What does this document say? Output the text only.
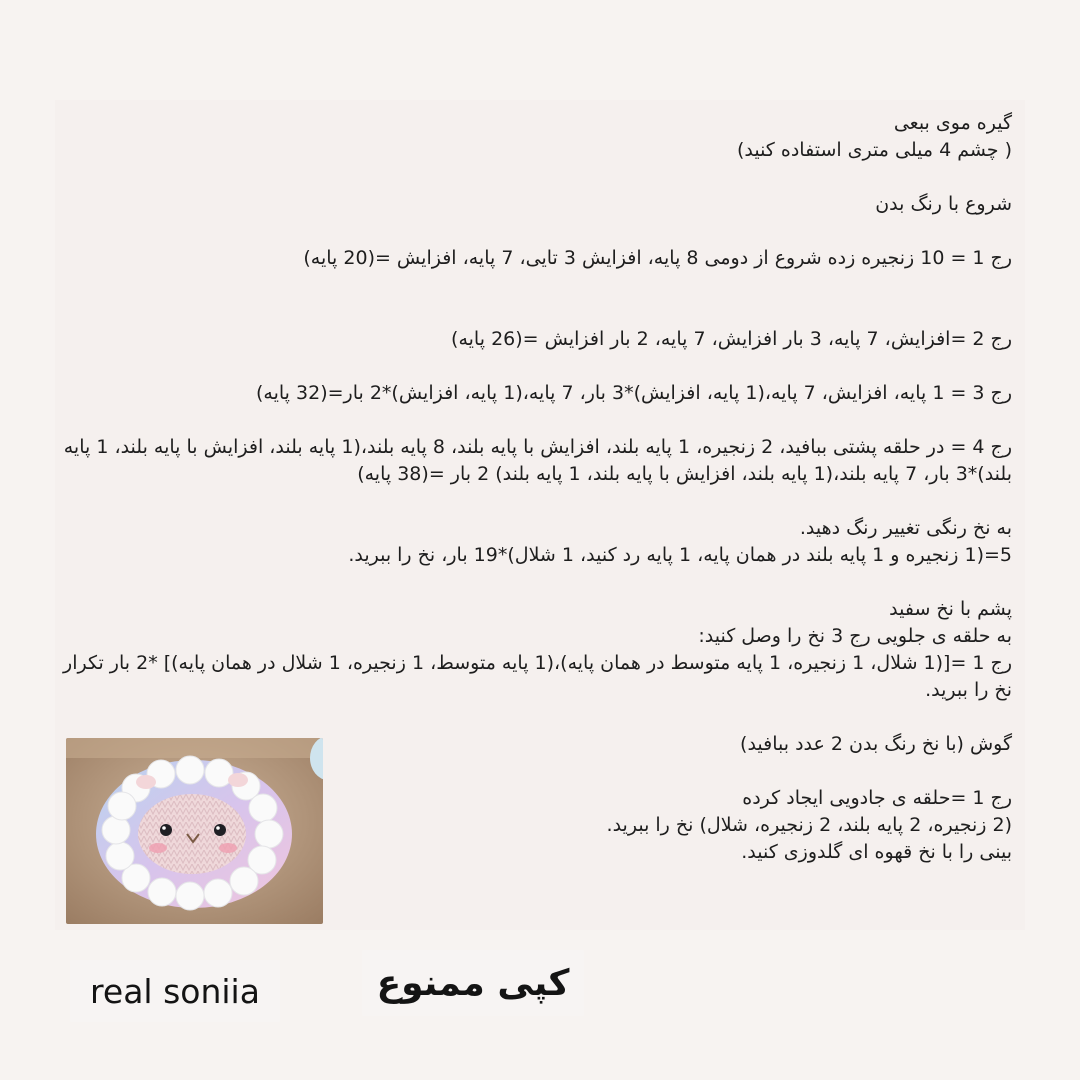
گیره موی ببعی

( چشم 4 میلی متری استفاده کنید)

شروع با رنگ بدن

رج 1 = 10 زنجیره زده شروع از دومی 8 پایه، افزایش 3 تایی، 7 پایه، افزایش =(20 پایه)

رج 2 =افزایش، 7 پایه، 3 بار افزایش، 7 پایه، 2 بار افزایش =(26 پایه)

رج 3 = 1 پایه، افزایش، 7 پایه،(1 پایه، افزایش)*3 بار، 7 پایه،(1 پایه، افزایش)*2 بار=(32 پایه)

رج 4 = در حلقه پشتی ببافید، 2 زنجیره، 1 پایه بلند، افزایش با پایه بلند، 8 پایه بلند،(1 پایه بلند، افزایش با پایه بلند، 1 پایه بلند)*3 بار، 7 پایه بلند،(1 پایه بلند، افزایش با پایه بلند، 1 پایه بلند) 2 بار =(38 پایه)

به نخ رنگی تغییر رنگ دهید.

5=(1 زنجیره و 1 پایه بلند در همان پایه، 1 پایه رد کنید، 1 شلال)*19 بار، نخ را ببرید.

پشم با نخ سفید

به حلقه ی جلویی رج 3 نخ را وصل کنید:

رج 1 =[(1 شلال، 1 زنجیره، 1 پایه متوسط در همان پایه)،(1 پایه متوسط، 1 زنجیره، 1 شلال در همان پایه)] *2 بار تکرار

نخ را ببرید.

گوش (با نخ رنگ بدن 2 عدد ببافید)

رج 1 =حلقه ی جادویی ایجاد کرده

(2 زنجیره، 2 پایه بلند، 2 زنجیره، شلال) نخ را ببرید.

بینی را با نخ قهوه ای گلدوزی کنید.

real soniia	کپی ممنوع
